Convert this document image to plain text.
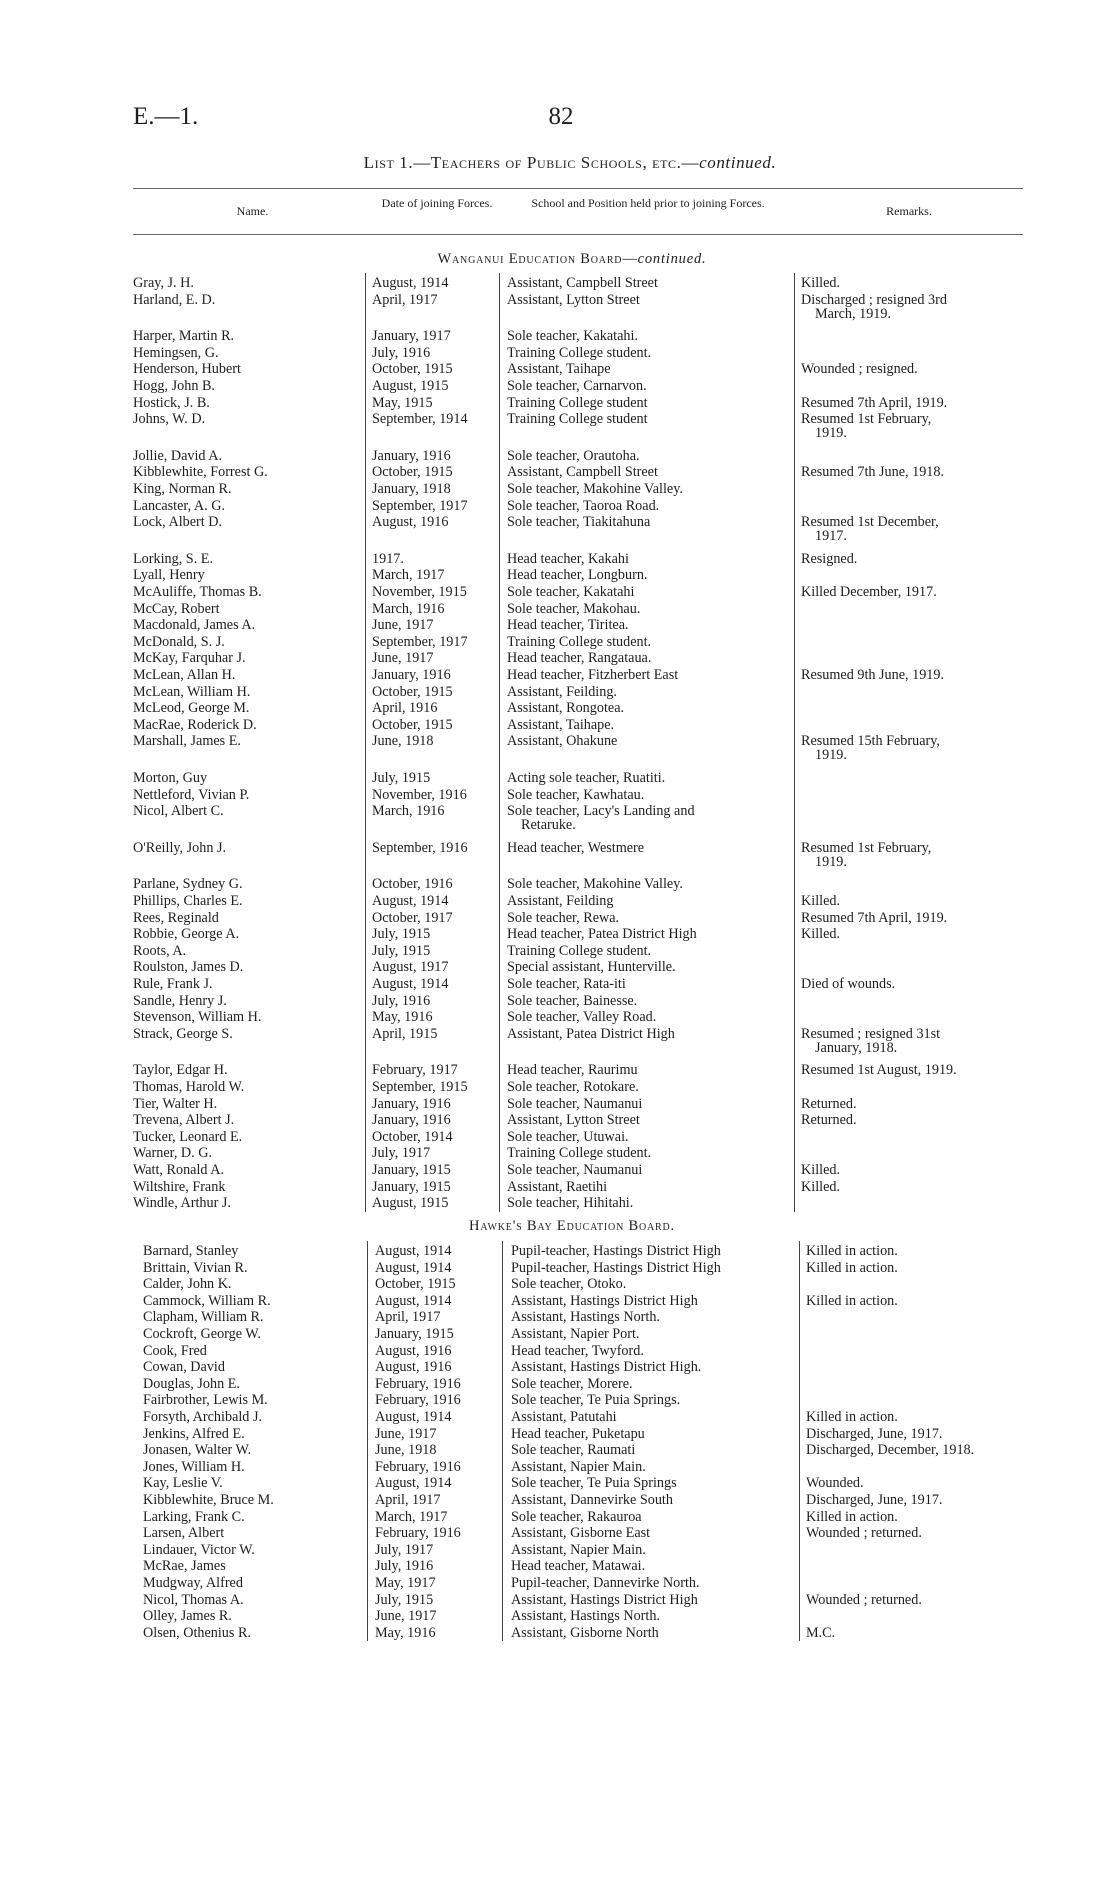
E.—1.	82
List 1.—Teachers of Public Schools, etc.—continued.
Name.
Date of joining Forces.	School and Position held prior to joining Forces.
Remarks.
Wanganui Education Board—continued.
Gray, J. H.	August, 1914	Assistant, Campbell Street	Killed.
Harland, E. D.	April, 1917	Assistant, Lytton Street	Discharged ; resigned 3rd
March, 1919.
Harper, Martin R.	January, 1917	Sole teacher, Kakatahi.
Hemingsen, G.	July, 1916	Training College student.
Henderson, Hubert	October, 1915	Assistant, Taihape	Wounded ; resigned.
Hogg, John B.	August, 1915	Sole teacher, Carnarvon.
Hostick, J. B.	May, 1915	Training College student	Resumed 7th April, 1919.
Johns, W. D.	September, 1914	Training College student	Resumed 1st February,
1919.
Jollie, David A.	January, 1916	Sole teacher, Orautoha.
Kibblewhite, Forrest G.	October, 1915	Assistant, Campbell Street	Resumed 7th June, 1918.
King, Norman R.	January, 1918	Sole teacher, Makohine Valley.
Lancaster, A. G.	September, 1917	Sole teacher, Taoroa Road.
Lock, Albert D.	August, 1916	Sole teacher, Tiakitahuna	Resumed 1st December,
1917.
Lorking, S. E.	1917.	Head teacher, Kakahi	Resigned.
Lyall, Henry	March, 1917	Head teacher, Longburn.
McAuliffe, Thomas B.	November, 1915	Sole teacher, Kakatahi	Killed December, 1917.
McCay, Robert	March, 1916	Sole teacher, Makohau.
Macdonald, James A.	June, 1917	Head teacher, Tiritea.
McDonald, S. J.	September, 1917	Training College student.
McKay, Farquhar J.	June, 1917	Head teacher, Rangataua.
McLean, Allan H.	January, 1916	Head teacher, Fitzherbert East	Resumed 9th June, 1919.
McLean, William H.	October, 1915	Assistant, Feilding.
McLeod, George M.	April, 1916	Assistant, Rongotea.
MacRae, Roderick D.	October, 1915	Assistant, Taihape.
Marshall, James E.	June, 1918	Assistant, Ohakune	Resumed 15th February,
1919.
Morton, Guy	July, 1915	Acting sole teacher, Ruatiti.
Nettleford, Vivian P.	November, 1916	Sole teacher, Kawhatau.
Nicol, Albert C.	March, 1916	Sole teacher, Lacy's Landing and
Retaruke.
O'Reilly, John J.	September, 1916	Head teacher, Westmere	Resumed 1st February,
1919.
Parlane, Sydney G.	October, 1916	Sole teacher, Makohine Valley.
Phillips, Charles E.	August, 1914	Assistant, Feilding	Killed.
Rees, Reginald	October, 1917	Sole teacher, Rewa.	Resumed 7th April, 1919.
Robbie, George A.	July, 1915	Head teacher, Patea District High	Killed.
Roots, A.	July, 1915	Training College student.
Roulston, James D.	August, 1917	Special assistant, Hunterville.
Rule, Frank J.	August, 1914	Sole teacher, Rata-iti	Died of wounds.
Sandle, Henry J.	July, 1916	Sole teacher, Bainesse.
Stevenson, William H.	May, 1916	Sole teacher, Valley Road.
Strack, George S.	April, 1915	Assistant, Patea District High	Resumed ; resigned 31st
January, 1918.
Taylor, Edgar H.	February, 1917	Head teacher, Raurimu	Resumed 1st August, 1919.
Thomas, Harold W.	September, 1915	Sole teacher, Rotokare.
Tier, Walter H.	January, 1916	Sole teacher, Naumanui	Returned.
Trevena, Albert J.	January, 1916	Assistant, Lytton Street	Returned.
Tucker, Leonard E.	October, 1914	Sole teacher, Utuwai.
Warner, D. G.	July, 1917	Training College student.
Watt, Ronald A.	January, 1915	Sole teacher, Naumanui	Killed.
Wiltshire, Frank	January, 1915	Assistant, Raetihi	Killed.
Windle, Arthur J.	August, 1915	Sole teacher, Hihitahi.
Hawke's Bay Education Board.
Barnard, Stanley	August, 1914	Pupil-teacher, Hastings District High	Killed in action.
Brittain, Vivian R.	August, 1914	Pupil-teacher, Hastings District High	Killed in action.
Calder, John K.	October, 1915	Sole teacher, Otoko.
Cammock, William R.	August, 1914	Assistant, Hastings District High	Killed in action.
Clapham, William R.	April, 1917	Assistant, Hastings North.
Cockroft, George W.	January, 1915	Assistant, Napier Port.
Cook, Fred	August, 1916	Head teacher, Twyford.
Cowan, David	August, 1916	Assistant, Hastings District High.
Douglas, John E.	February, 1916	Sole teacher, Morere.
Fairbrother, Lewis M.	February, 1916	Sole teacher, Te Puia Springs.
Forsyth, Archibald J.	August, 1914	Assistant, Patutahi	Killed in action.
Jenkins, Alfred E.	June, 1917	Head teacher, Puketapu	Discharged, June, 1917.
Jonasen, Walter W.	June, 1918	Sole teacher, Raumati	Discharged, December, 1918.
Jones, William H.	February, 1916	Assistant, Napier Main.
Kay, Leslie V.	August, 1914	Sole teacher, Te Puia Springs	Wounded.
Kibblewhite, Bruce M.	April, 1917	Assistant, Dannevirke South	Discharged, June, 1917.
Larking, Frank C.	March, 1917	Sole teacher, Rakauroa	Killed in action.
Larsen, Albert	February, 1916	Assistant, Gisborne East	Wounded ; returned.
Lindauer, Victor W.	July, 1917	Assistant, Napier Main.
McRae, James	July, 1916	Head teacher, Matawai.
Mudgway, Alfred	May, 1917	Pupil-teacher, Dannevirke North.
Nicol, Thomas A.	July, 1915	Assistant, Hastings District High	Wounded ; returned.
Olley, James R.	June, 1917	Assistant, Hastings North.
Olsen, Othenius R.	May, 1916	Assistant, Gisborne North	M.C.
